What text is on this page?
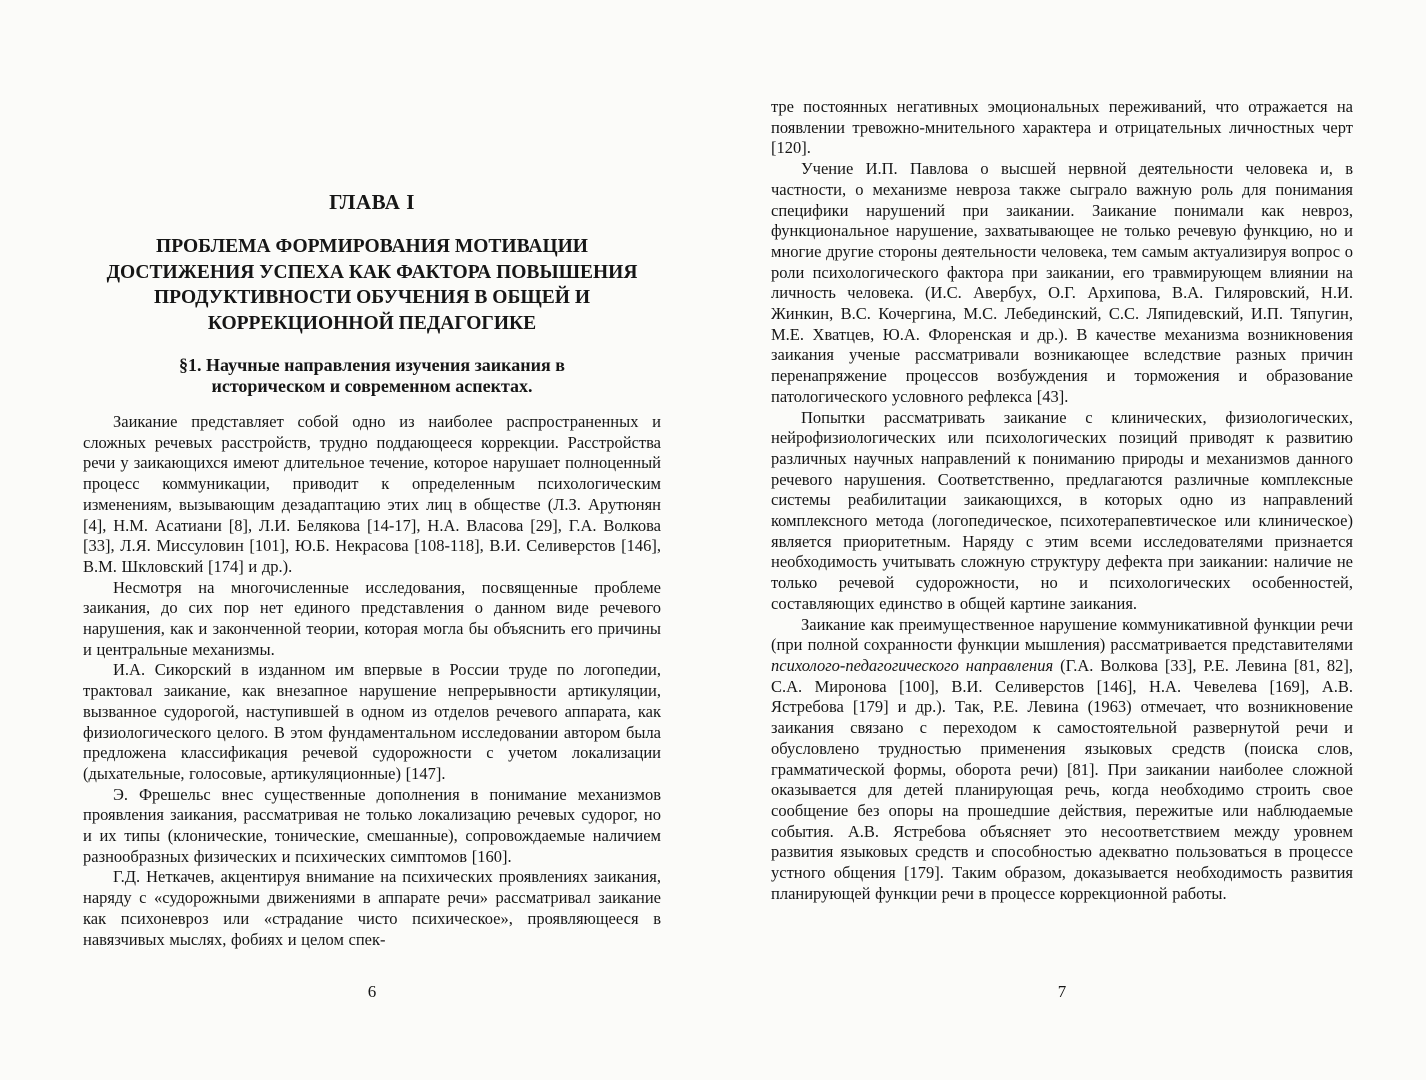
ГЛАВА I
ПРОБЛЕМА ФОРМИРОВАНИЯ МОТИВАЦИИ ДОСТИЖЕНИЯ УСПЕХА КАК ФАКТОРА ПОВЫШЕНИЯ ПРОДУКТИВНОСТИ ОБУЧЕНИЯ В ОБЩЕЙ И КОРРЕКЦИОННОЙ ПЕДАГОГИКЕ
§1. Научные направления изучения заикания в историческом и современном аспектах.

Заикание представляет собой одно из наиболее распространенных и сложных речевых расстройств, трудно поддающееся коррекции. Расстройства речи у заикающихся имеют длительное течение, которое нарушает полноценный процесс коммуникации, приводит к определенным психологическим изменениям, вызывающим дезадаптацию этих лиц в обществе (Л.З. Арутюнян [4], Н.М. Асатиани [8], Л.И. Белякова [14-17], Н.А. Власова [29], Г.А. Волкова [33], Л.Я. Миссуловин [101], Ю.Б. Некрасова [108-118], В.И. Селиверстов [146], В.М. Шкловский [174] и др.).

Несмотря на многочисленные исследования, посвященные проблеме заикания, до сих пор нет единого представления о данном виде речевого нарушения, как и законченной теории, которая могла бы объяснить его причины и центральные механизмы.

И.А. Сикорский в изданном им впервые в России труде по логопедии, трактовал заикание, как внезапное нарушение непрерывности артикуляции, вызванное судорогой, наступившей в одном из отделов речевого аппарата, как физиологического целого. В этом фундаментальном исследовании автором была предложена классификация речевой судорожности с учетом локализации (дыхательные, голосовые, артикуляционные) [147].

Э. Фрешельс внес существенные дополнения в понимание механизмов проявления заикания, рассматривая не только локализацию речевых судорог, но и их типы (клонические, тонические, смешанные), сопровождаемые наличием разнообразных физических и психических симптомов [160].

Г.Д. Неткачев, акцентируя внимание на психических проявлениях заикания, наряду с «судорожными движениями в аппарате речи» рассматривал заикание как психоневроз или «страдание чисто психическое», проявляющееся в навязчивых мыслях, фобиях и целом спек-

6

тре постоянных негативных эмоциональных переживаний, что отражается на появлении тревожно-мнительного характера и отрицательных личностных черт [120].

Учение И.П. Павлова о высшей нервной деятельности человека и, в частности, о механизме невроза также сыграло важную роль для понимания специфики нарушений при заикании. Заикание понимали как невроз, функциональное нарушение, захватывающее не только речевую функцию, но и многие другие стороны деятельности человека, тем самым актуализируя вопрос о роли психологического фактора при заикании, его травмирующем влиянии на личность человека. (И.С. Авербух, О.Г. Архипова, В.А. Гиляровский, Н.И. Жинкин, В.С. Кочергина, М.С. Лебединский, С.С. Ляпидевский, И.П. Тяпугин, М.Е. Хватцев, Ю.А. Флоренская и др.). В качестве механизма возникновения заикания ученые рассматривали возникающее вследствие разных причин перенапряжение процессов возбуждения и торможения и образование патологического условного рефлекса [43].

Попытки рассматривать заикание с клинических, физиологических, нейрофизиологических или психологических позиций приводят к развитию различных научных направлений к пониманию природы и механизмов данного речевого нарушения. Соответственно, предлагаются различные комплексные системы реабилитации заикающихся, в которых одно из направлений комплексного метода (логопедическое, психотерапевтическое или клиническое) является приоритетным. Наряду с этим всеми исследователями признается необходимость учитывать сложную структуру дефекта при заикании: наличие не только речевой судорожности, но и психологических особенностей, составляющих единство в общей картине заикания.

Заикание как преимущественное нарушение коммуникативной функции речи (при полной сохранности функции мышления) рассматривается представителями психолого-педагогического направления (Г.А. Волкова [33], Р.Е. Левина [81, 82], С.А. Миронова [100], В.И. Селиверстов [146], Н.А. Чевелева [169], А.В. Ястребова [179] и др.). Так, Р.Е. Левина (1963) отмечает, что возникновение заикания связано с переходом к самостоятельной развернутой речи и обусловлено трудностью применения языковых средств (поиска слов, грамматической формы, оборота речи) [81]. При заикании наиболее сложной оказывается для детей планирующая речь, когда необходимо строить свое сообщение без опоры на прошедшие действия, пережитые или наблюдаемые события. А.В. Ястребова объясняет это несоответствием между уровнем развития языковых средств и способностью адекватно пользоваться в процессе устного общения [179]. Таким образом, доказывается необходимость развития планирующей функции речи в процессе коррекционной работы.

7
